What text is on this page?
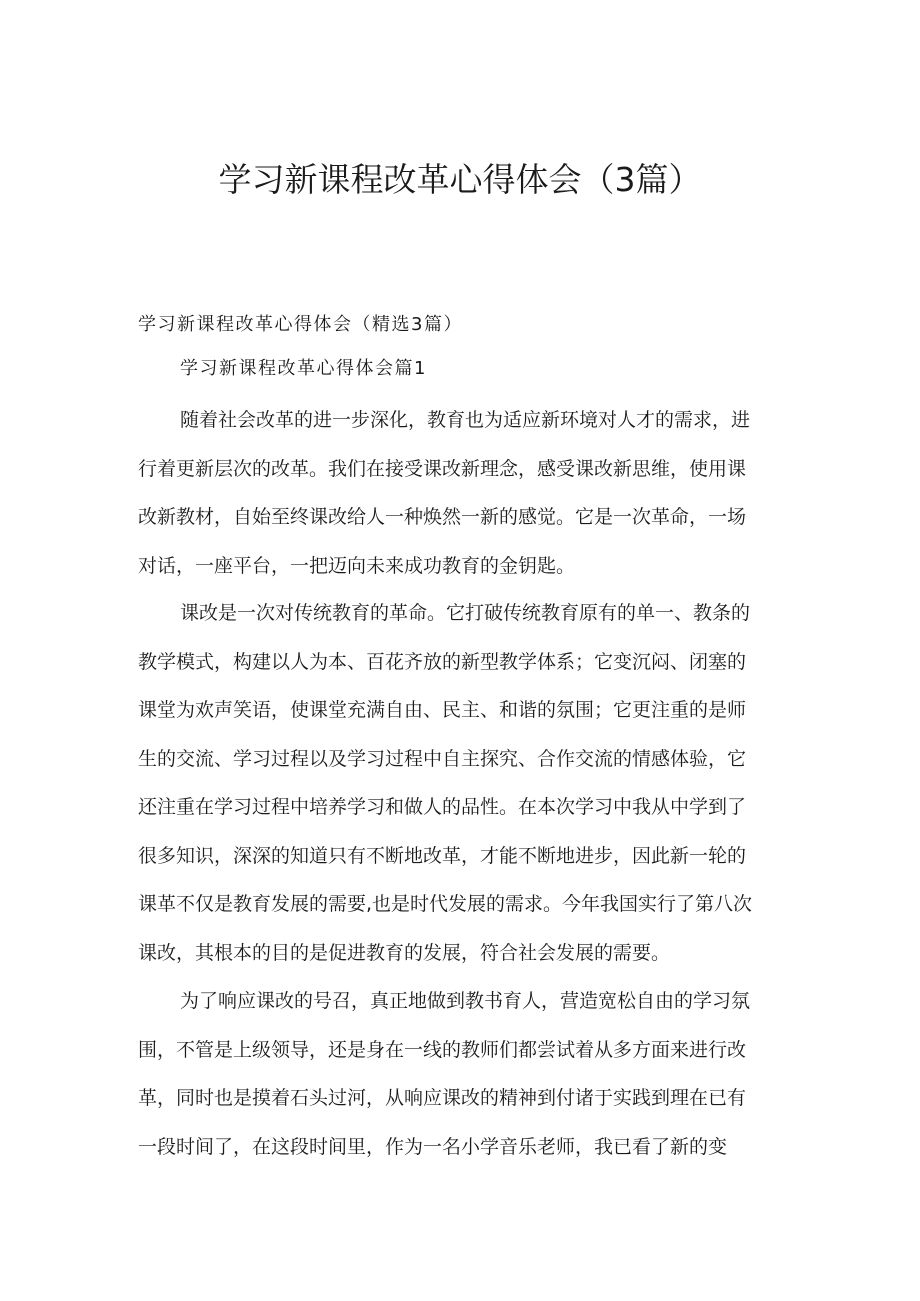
学习新课程改革心得体会（3篇）

学习新课程改革心得体会（精选3篇）

学习新课程改革心得体会篇1

随着社会改革的进一步深化，教育也为适应新环境对人才的需求，进
行着更新层次的改革。我们在接受课改新理念，感受课改新思维，使用课
改新教材，自始至终课改给人一种焕然一新的感觉。它是一次革命，一场
对话，一座平台，一把迈向未来成功教育的金钥匙。
课改是一次对传统教育的革命。它打破传统教育原有的单一、教条的
教学模式，构建以人为本、百花齐放的新型教学体系；它变沉闷、闭塞的
课堂为欢声笑语，使课堂充满自由、民主、和谐的氛围；它更注重的是师
生的交流、学习过程以及学习过程中自主探究、合作交流的情感体验，它
还注重在学习过程中培养学习和做人的品性。在本次学习中我从中学到了
很多知识，深深的知道只有不断地改革，才能不断地进步，因此新一轮的
课革不仅是教育发展的需要,也是时代发展的需求。今年我国实行了第八次
课改，其根本的目的是促进教育的发展，符合社会发展的需要。
为了响应课改的号召，真正地做到教书育人，营造宽松自由的学习氛
围，不管是上级领导，还是身在一线的教师们都尝试着从多方面来进行改
革，同时也是摸着石头过河，从响应课改的精神到付诸于实践到理在已有
一段时间了，在这段时间里，作为一名小学音乐老师，我已看了新的变
